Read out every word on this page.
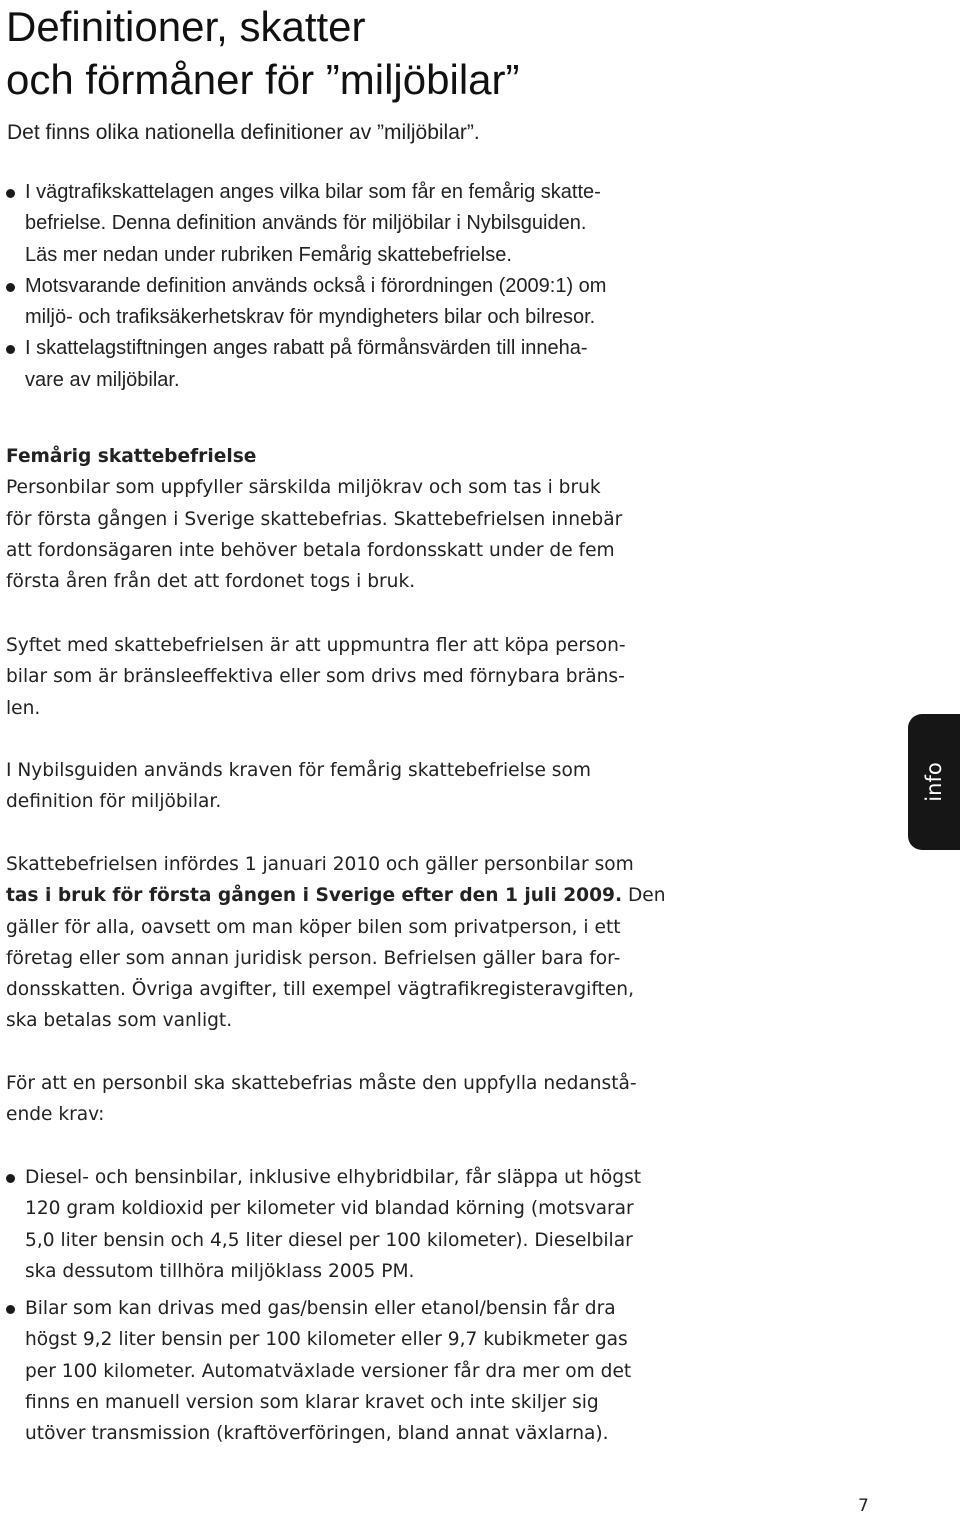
Definitioner, skatter
och förmåner för ”miljöbilar”
Det finns olika nationella definitioner av ”miljöbilar”.
I vägtrafikskattelagen anges vilka bilar som får en femårig skatte-
befrielse. Denna definition används för miljöbilar i Nybilsguiden.
Läs mer nedan under rubriken Femårig skattebefrielse.
Motsvarande definition används också i förordningen (2009:1) om
miljö- och trafiksäkerhetskrav för myndigheters bilar och bilresor.
I skattelagstiftningen anges rabatt på förmånsvärden till inneha-
vare av miljöbilar.
Femårig skattebefrielse
Personbilar som uppfyller särskilda miljökrav och som tas i bruk
för första gången i Sverige skattebefrias. Skattebefrielsen innebär
att fordonsägaren inte behöver betala fordonsskatt under de fem
första åren från det att fordonet togs i bruk.
Syftet med skattebefrielsen är att uppmuntra fler att köpa person-
bilar som är bränsleeffektiva eller som drivs med förnybara bräns-
len.
I Nybilsguiden används kraven för femårig skattebefrielse som
definition för miljöbilar.
Skattebefrielsen infördes 1 januari 2010 och gäller personbilar som
tas i bruk för första gången i Sverige efter den 1 juli 2009. Den
gäller för alla, oavsett om man köper bilen som privatperson, i ett
företag eller som annan juridisk person. Befrielsen gäller bara for-
donsskatten. Övriga avgifter, till exempel vägtrafikregisteravgiften,
ska betalas som vanligt.
För att en personbil ska skattebefrias måste den uppfylla nedanstå-
ende krav:
Diesel- och bensinbilar, inklusive elhybridbilar, får släppa ut högst
120 gram koldioxid per kilometer vid blandad körning (motsvarar
5,0 liter bensin och 4,5 liter diesel per 100 kilometer). Dieselbilar
ska dessutom tillhöra miljöklass 2005 PM.
Bilar som kan drivas med gas/bensin eller etanol/bensin får dra
högst 9,2 liter bensin per 100 kilometer eller 9,7 kubikmeter gas
per 100 kilometer. Automatväxlade versioner får dra mer om det
finns en manuell version som klarar kravet och inte skiljer sig
utöver transmission (kraftöverföringen, bland annat växlarna).
info
7
